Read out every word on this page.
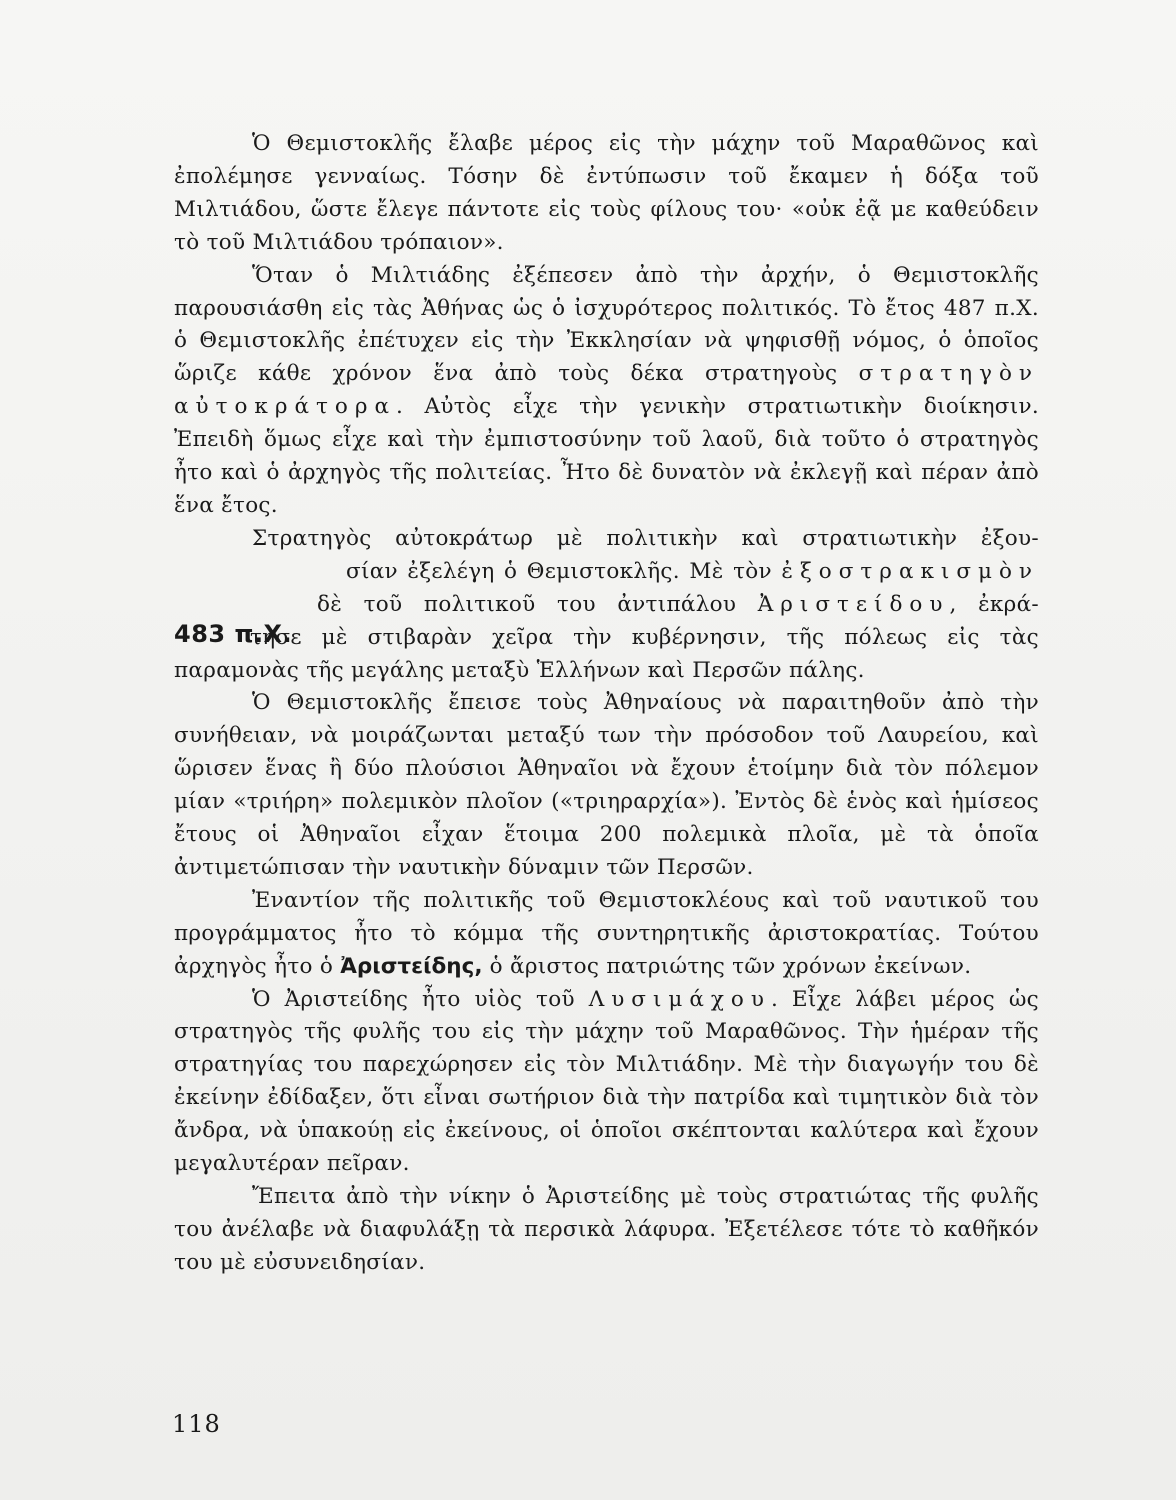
Ὁ Θεμιστοκλῆς ἔλαβε μέρος εἰς τὴν μάχην τοῦ Μαραθῶνος καὶ ἐπολέμησε γενναίως. Τόσην δὲ ἐντύπωσιν τοῦ ἔκαμεν ἡ δόξα τοῦ Μιλτιάδου, ὥστε ἔλεγε πάντοτε εἰς τοὺς φίλους του· «οὐκ ἐᾷ με καθεύδειν τὸ τοῦ Μιλτιάδου τρόπαιον».

Ὅταν ὁ Μιλτιάδης ἐξέπεσεν ἀπὸ τὴν ἀρχήν, ὁ Θεμιστοκλῆς παρουσιάσθη εἰς τὰς Ἀθήνας ὡς ὁ ἰσχυρότερος πολιτικός. Τὸ ἔτος 487 π.Χ. ὁ Θεμιστοκλῆς ἐπέτυχεν εἰς τὴν Ἐκκλησίαν νὰ ψηφισθῇ νόμος, ὁ ὁποῖος ὥριζε κάθε χρόνον ἕνα ἀπὸ τοὺς δέκα στρατηγοὺς στρατηγὸν αὐτοκράτορα. Αὐτὸς εἶχε τὴν γενικὴν στρατιωτικὴν διοίκησιν. Ἐπειδὴ ὅμως εἶχε καὶ τὴν ἐμπιστοσύνην τοῦ λαοῦ, διὰ τοῦτο ὁ στρατηγὸς ἦτο καὶ ὁ ἀρχηγὸς τῆς πολιτείας. Ἦτο δὲ δυνατὸν νὰ ἐκλεγῇ καὶ πέραν ἀπὸ ἕνα ἔτος.

Στρατηγὸς αὐτοκράτωρ μὲ πολιτικὴν καὶ στρατιωτικὴν ἐξου-
σίαν ἐξελέγη ὁ Θεμιστοκλῆς. Μὲ τὸν ἐξοστρακισμὸν
δὲ τοῦ πολιτικοῦ του ἀντιπάλου Ἀριστείδου, ἐκρά-
τησε μὲ στιβαρὰν χεῖρα τὴν κυβέρνησιν, τῆς πόλεως εἰς τὰς παραμονὰς τῆς μεγάλης μεταξὺ Ἑλλήνων καὶ Περσῶν πάλης.

Ὁ Θεμιστοκλῆς ἔπεισε τοὺς Ἀθηναίους νὰ παραιτηθοῦν ἀπὸ τὴν συνήθειαν, νὰ μοιράζωνται μεταξύ των τὴν πρόσοδον τοῦ Λαυρείου, καὶ ὥρισεν ἕνας ἢ δύο πλούσιοι Ἀθηναῖοι νὰ ἔχουν ἑτοίμην διὰ τὸν πόλεμον μίαν «τριήρη» πολεμικὸν πλοῖον («τριηραρχία»). Ἐντὸς δὲ ἑνὸς καὶ ἡμίσεος ἔτους οἱ Ἀθηναῖοι εἶχαν ἕτοιμα 200 πολεμικὰ πλοῖα, μὲ τὰ ὁποῖα ἀντιμετώπισαν τὴν ναυτικὴν δύναμιν τῶν Περσῶν.

Ἐναντίον τῆς πολιτικῆς τοῦ Θεμιστοκλέους καὶ τοῦ ναυτικοῦ του προγράμματος ἦτο τὸ κόμμα τῆς συντηρητικῆς ἀριστοκρατίας. Τούτου ἀρχηγὸς ἦτο ὁ Ἀριστείδης, ὁ ἄριστος πατριώτης τῶν χρόνων ἐκείνων.

Ὁ Ἀριστείδης ἦτο υἱὸς τοῦ Λυσιμάχου. Εἶχε λάβει μέρος ὡς στρατηγὸς τῆς φυλῆς του εἰς τὴν μάχην τοῦ Μαραθῶνος. Τὴν ἡμέραν τῆς στρατηγίας του παρεχώρησεν εἰς τὸν Μιλτιάδην. Μὲ τὴν διαγωγήν του δὲ ἐκείνην ἐδίδαξεν, ὅτι εἶναι σωτήριον διὰ τὴν πατρίδα καὶ τιμητικὸν διὰ τὸν ἄνδρα, νὰ ὑπακούῃ εἰς ἐκείνους, οἱ ὁποῖοι σκέπτονται καλύτερα καὶ ἔχουν μεγαλυτέραν πεῖραν.

Ἔπειτα ἀπὸ τὴν νίκην ὁ Ἀριστείδης μὲ τοὺς στρατιώτας τῆς φυλῆς του ἀνέλαβε νὰ διαφυλάξῃ τὰ περσικὰ λάφυρα. Ἐξετέλεσε τότε τὸ καθῆκόν του μὲ εὐσυνειδησίαν.

483 π.Χ.
118
